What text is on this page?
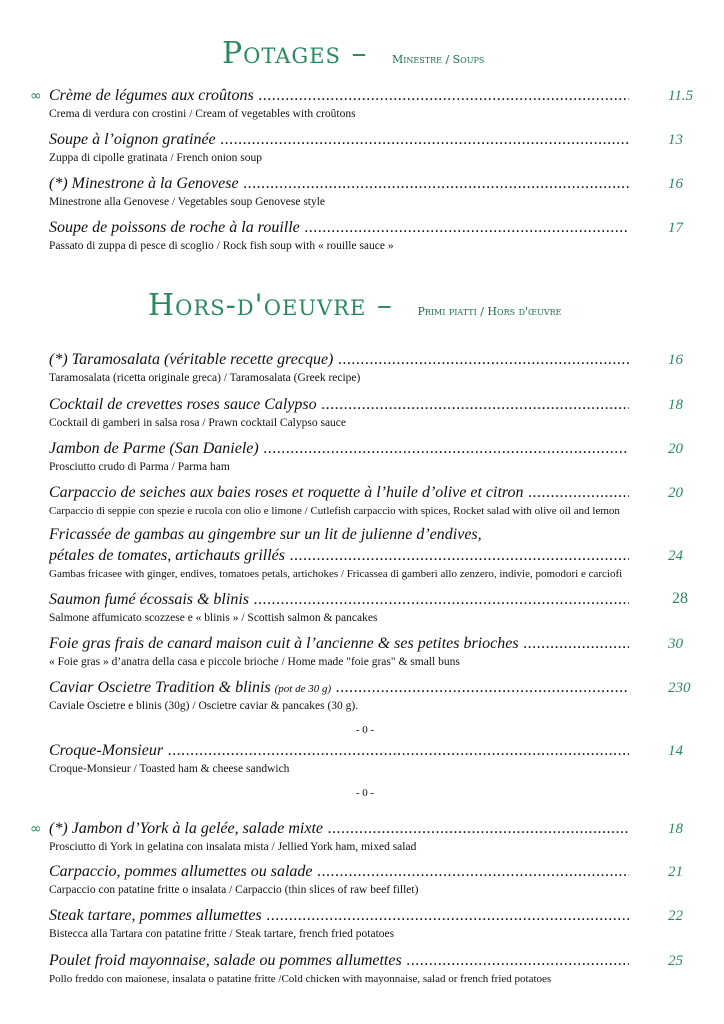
Potages – Minestre / Soups
∞ Crème de légumes aux croûtons .....	11.5
Crema di verdura con crostini / Cream of vegetables with croûtons
Soupe à l’oignon gratinée .....	13
Zuppa di cipolle gratinata / French onion soup
(*) Minestrone à la Genovese .....	16
Minestrone alla Genovese / Vegetables soup Genovese style
Soupe de poissons de roche à la rouille .....	17
Passato di zuppa di pesce di scoglio / Rock fish soup with « rouille sauce »
Hors-d'oeuvre – Primi piatti / Hors d'œuvre
(*) Taramosalata (véritable recette grecque) .....	16
Taramosalata (ricetta originale greca) / Taramosalata (Greek recipe)
Cocktail de crevettes roses sauce Calypso .....	18
Cocktail di gamberi in salsa rosa / Prawn cocktail Calypso sauce
Jambon de Parme (San Daniele) .....	20
Prosciutto crudo di Parma / Parma ham
Carpaccio de seiches aux baies roses et roquette à l’huile d’olive et citron .....	20
Carpaccio di seppie con spezie e rucola con olio e limone / Cutlefish carpaccio with spices, Rocket salad with olive oil and lemon
Fricassée de gambas au gingembre sur un lit de julienne d’endives,
pétales de tomates, artichauts grillés .....	24
Gambas fricasee with ginger, endives, tomatoes petals, artichokes / Fricassea di gamberi allo zenzero, indivie, pomodori e carciofi
Saumon fumé écossais & blinis .....	28
Salmone affumicato scozzese e « blinis » / Scottish salmon & pancakes
Foie gras frais de canard maison cuit à l’ancienne & ses petites brioches .....	30
« Foie gras » d’anatra della casa e piccole brioche / Home made "foie gras" & small buns
Caviar Oscietre Tradition & blinis (pot de 30 g) .....	230
Caviale Oscietre e blinis (30g) / Oscietre caviar & pancakes (30 g).
- 0 -
Croque-Monsieur .....	14
Croque-Monsieur / Toasted ham & cheese sandwich
- 0 -
∞ (*) Jambon d’York à la gelée, salade mixte .....	18
Prosciutto di York in gelatina con insalata mista / Jellied York ham, mixed salad
Carpaccio, pommes allumettes ou salade .....	21
Carpaccio con patatine fritte o insalata / Carpaccio (thin slices of raw beef fillet)
Steak tartare, pommes allumettes .....	22
Bistecca alla Tartara con patatine fritte / Steak tartare, french fried potatoes
Poulet froid mayonnaise, salade ou pommes allumettes .....	25
Pollo freddo con maionese, insalata o patatine fritte /Cold chicken with mayonnaise, salad or french fried potatoes
